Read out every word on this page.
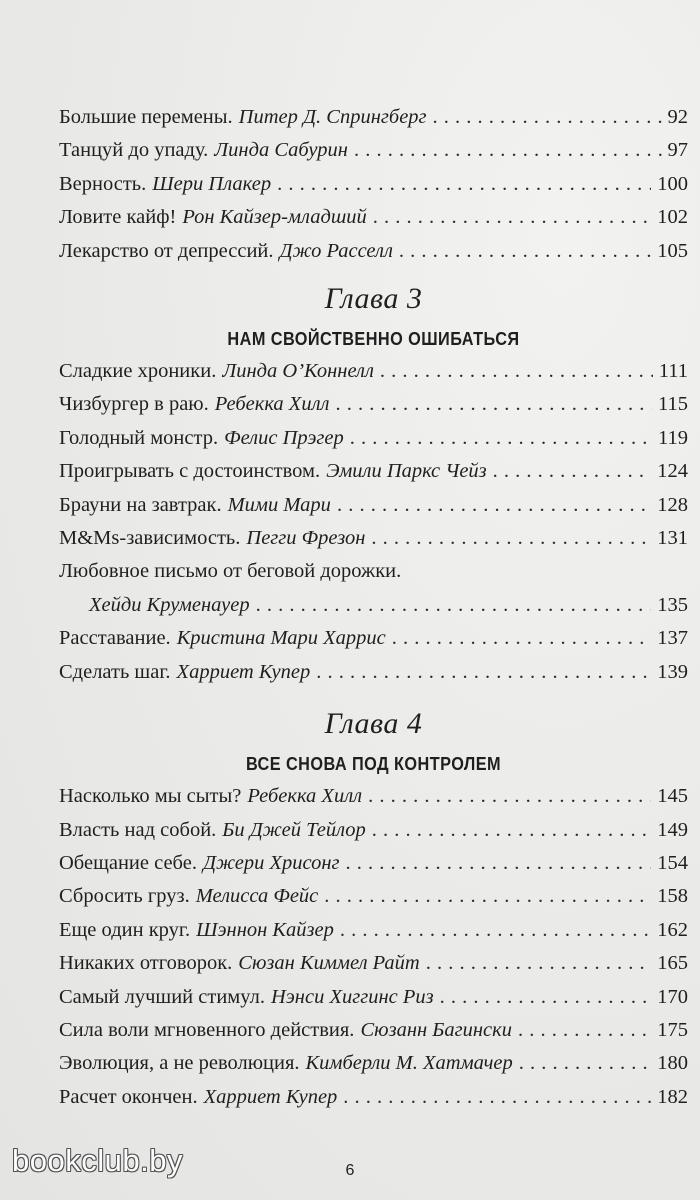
Большие перемены. Питер Д. Спрингберг . . .	92
Танцуй до упаду. Линда Сабурин . . .	97
Верность. Шери Плакер . . .	100
Ловите кайф! Рон Кайзер-младший . . .	102
Лекарство от депрессий. Джо Расселл . . .	105
Глава 3
НАМ СВОЙСТВЕННО ОШИБАТЬСЯ
Сладкие хроники. Линда О’Коннелл . . .	111
Чизбургер в раю. Ребекка Хилл . . .	115
Голодный монстр. Фелис Прэгер . . .	119
Проигрывать с достоинством. Эмили Паркс Чейз . . .	124
Брауни на завтрак. Мими Мари . . .	128
M&Ms-зависимость. Пегги Фрезон . . .	131
Любовное письмо от беговой дорожки.
Хейди Круменауер . . .	135
Расставание. Кристина Мари Харрис . . .	137
Сделать шаг. Харриет Купер . . .	139
Глава 4
ВСЕ СНОВА ПОД КОНТРОЛЕМ
Насколько мы сыты? Ребекка Хилл . . .	145
Власть над собой. Би Джей Тейлор . . .	149
Обещание себе. Джери Хрисонг . . .	154
Сбросить груз. Мелисса Фейс . . .	158
Еще один круг. Шэннон Кайзер . . .	162
Никаких отговорок. Сюзан Киммел Райт . . .	165
Самый лучший стимул. Нэнси Хиггинс Риз . . .	170
Сила воли мгновенного действия. Сюзанн Багински . . .	175
Эволюция, а не революция. Кимберли М. Хатмачер . . .	180
Расчет окончен. Харриет Купер . . .	182
6
bookclub.by
